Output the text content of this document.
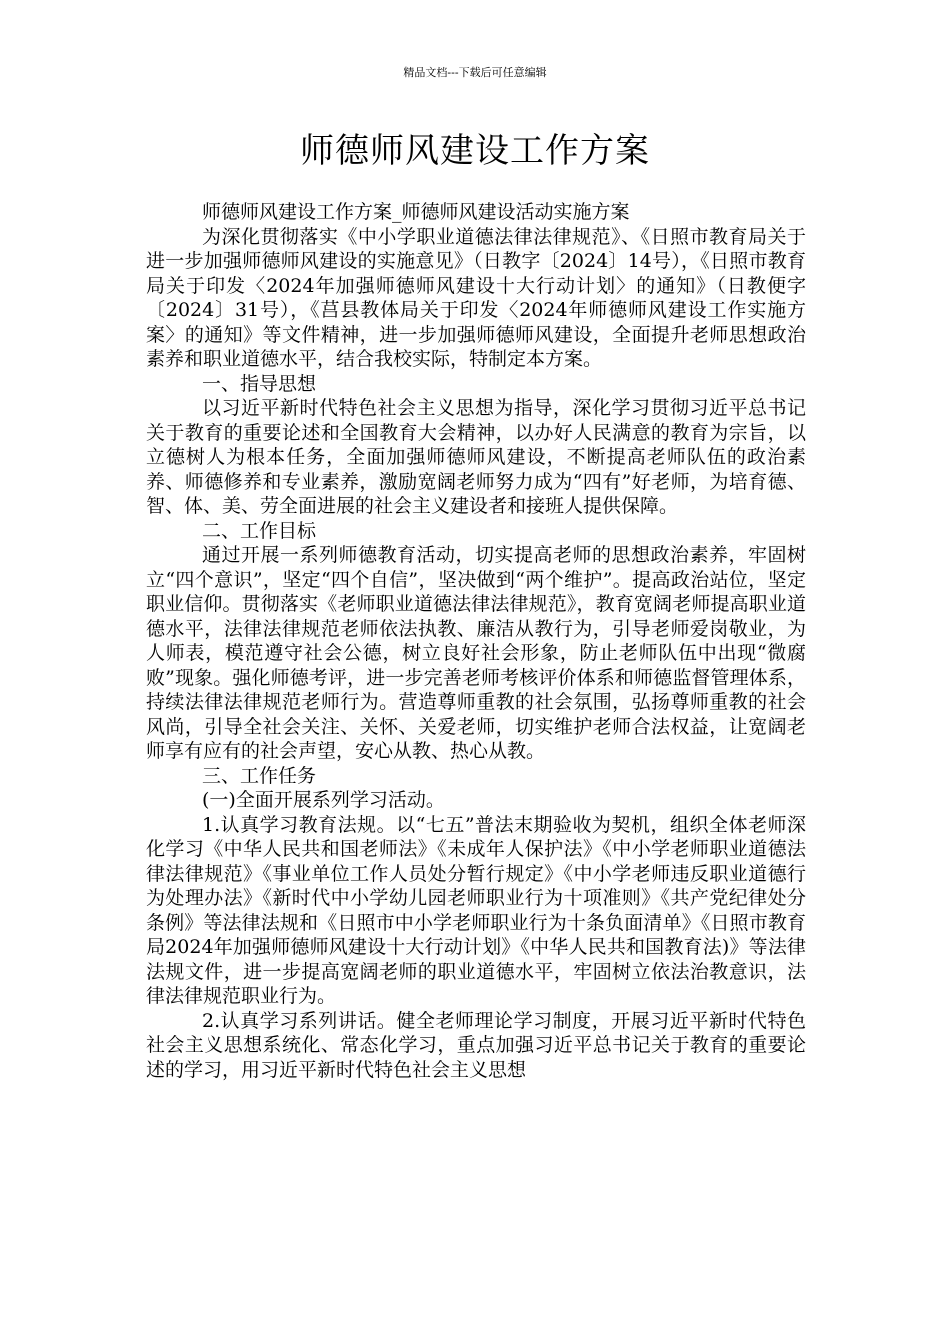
精品文档---下载后可任意编辑
师德师风建设工作方案

师德师风建设工作方案_师德师风建设活动实施方案

为深化贯彻落实《中小学职业道德法律法律规范》、《日照市教育局关于进一步加强师德师风建设的实施意见》（日教字〔2024〕14号），《日照市教育局关于印发〈2024年加强师德师风建设十大行动计划〉的通知》（日教便字〔2024〕31号），《莒县教体局关于印发〈2024年师德师风建设工作实施方案〉的通知》等文件精神，进一步加强师德师风建设，全面提升老师思想政治素养和职业道德水平，结合我校实际，特制定本方案。

一、指导思想

以习近平新时代特色社会主义思想为指导，深化学习贯彻习近平总书记关于教育的重要论述和全国教育大会精神，以办好人民满意的教育为宗旨，以立德树人为根本任务，全面加强师德师风建设，不断提高老师队伍的政治素养、师德修养和专业素养，激励宽阔老师努力成为“四有”好老师，为培育德、智、体、美、劳全面进展的社会主义建设者和接班人提供保障。

二、工作目标

通过开展一系列师德教育活动，切实提高老师的思想政治素养，牢固树立“四个意识”，坚定“四个自信”，坚决做到“两个维护”。提高政治站位，坚定职业信仰。贯彻落实《老师职业道德法律法律规范》，教育宽阔老师提高职业道德水平，法律法律规范老师依法执教、廉洁从教行为，引导老师爱岗敬业，为人师表，模范遵守社会公德，树立良好社会形象，防止老师队伍中出现“微腐败”现象。强化师德考评，进一步完善老师考核评价体系和师德监督管理体系，持续法律法律规范老师行为。营造尊师重教的社会氛围，弘扬尊师重教的社会风尚，引导全社会关注、关怀、关爱老师，切实维护老师合法权益，让宽阔老师享有应有的社会声望，安心从教、热心从教。

三、工作任务

(一)全面开展系列学习活动。

1.认真学习教育法规。以“七五”普法末期验收为契机，组织全体老师深化学习《中华人民共和国老师法》《未成年人保护法》《中小学老师职业道德法律法律规范》《事业单位工作人员处分暂行规定》《中小学老师违反职业道德行为处理办法》《新时代中小学幼儿园老师职业行为十项准则》《共产党纪律处分条例》等法律法规和《日照市中小学老师职业行为十条负面清单》《日照市教育局2024年加强师德师风建设十大行动计划》《中华人民共和国教育法)》等法律法规文件，进一步提高宽阔老师的职业道德水平，牢固树立依法治教意识，法律法律规范职业行为。

2.认真学习系列讲话。健全老师理论学习制度，开展习近平新时代特色社会主义思想系统化、常态化学习，重点加强习近平总书记关于教育的重要论述的学习，用习近平新时代特色社会主义思想
